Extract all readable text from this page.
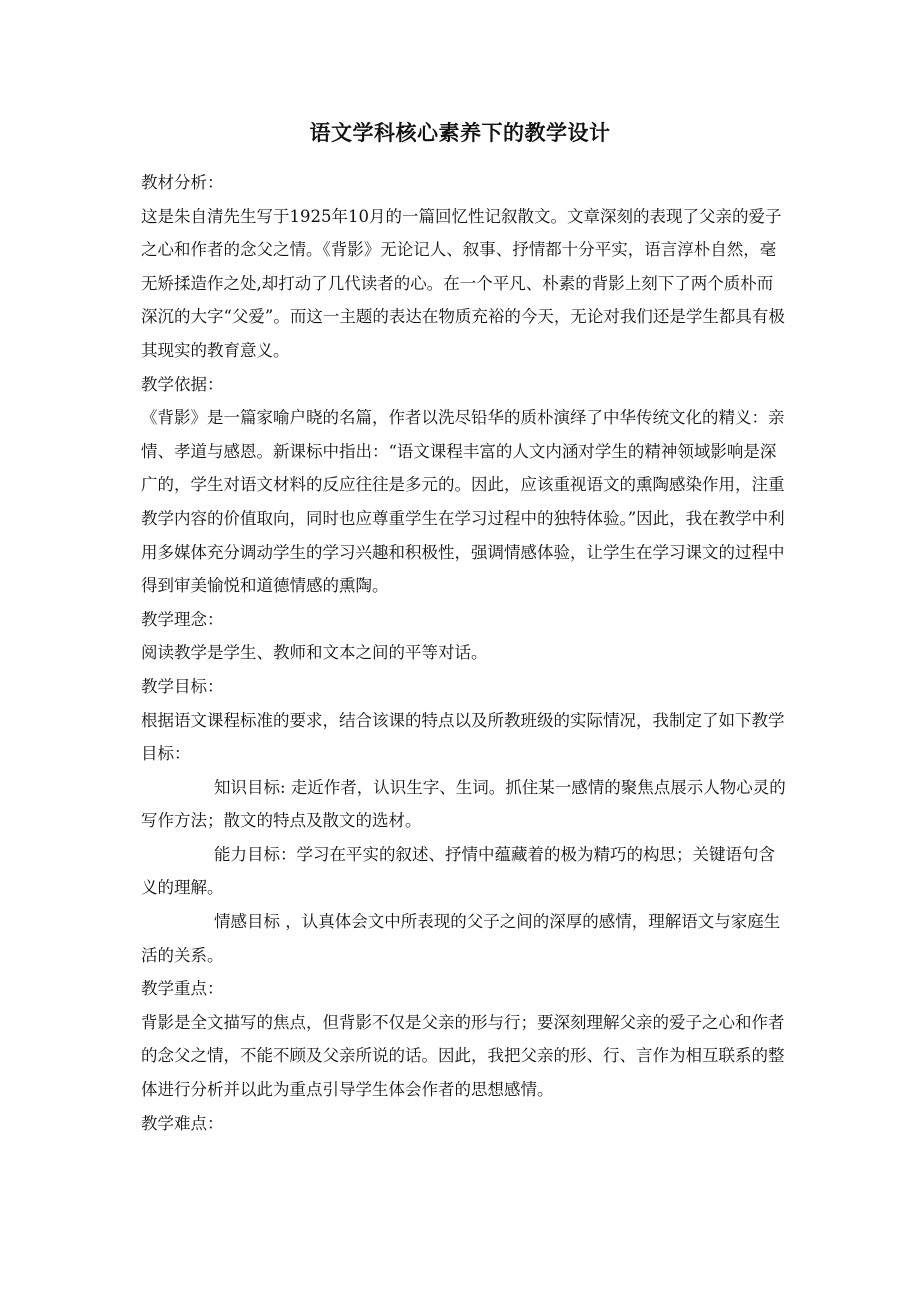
语文学科核心素养下的教学设计

教材分析：

这是朱自清先生写于1925年10月的一篇回忆性记叙散文。文章深刻的表现了父亲的爱子之心和作者的念父之情。《背影》无论记人、叙事、抒情都十分平实，语言淳朴自然，毫无矫揉造作之处,却打动了几代读者的心。在一个平凡、朴素的背影上刻下了两个质朴而深沉的大字“父爱”。而这一主题的表达在物质充裕的今天，无论对我们还是学生都具有极其现实的教育意义。

教学依据：

《背影》是一篇家喻户晓的名篇，作者以洗尽铅华的质朴演绎了中华传统文化的精义：亲情、孝道与感恩。新课标中指出：“语文课程丰富的人文内涵对学生的精神领域影响是深广的，学生对语文材料的反应往往是多元的。因此，应该重视语文的熏陶感染作用，注重教学内容的价值取向，同时也应尊重学生在学习过程中的独特体验。”因此，我在教学中利用多媒体充分调动学生的学习兴趣和积极性，强调情感体验，让学生在学习课文的过程中得到审美愉悦和道德情感的熏陶。

教学理念：

阅读教学是学生、教师和文本之间的平等对话。

教学目标：

根据语文课程标准的要求，结合该课的特点以及所教班级的实际情况，我制定了如下教学目标：

知识目标: 走近作者，认识生字、生词。抓住某一感情的聚焦点展示人物心灵的写作方法；散文的特点及散文的选材。

能力目标：学习在平实的叙述、抒情中蕴藏着的极为精巧的构思；关键语句含义的理解。

情感目标 ，认真体会文中所表现的父子之间的深厚的感情，理解语文与家庭生活的关系。

教学重点：

背影是全文描写的焦点，但背影不仅是父亲的形与行；要深刻理解父亲的爱子之心和作者的念父之情，不能不顾及父亲所说的话。因此，我把父亲的形、行、言作为相互联系的整体进行分析并以此为重点引导学生体会作者的思想感情。

教学难点：
